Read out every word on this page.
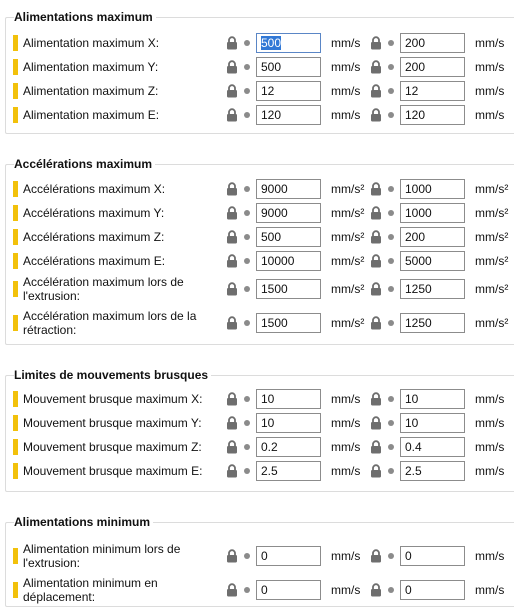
Alimentations maximum
Alimentation maximum X:	500	mm/s	200	mm/s
Alimentation maximum Y:	500	mm/s	200	mm/s
Alimentation maximum Z:	12	mm/s	12	mm/s
Alimentation maximum E:	120	mm/s	120	mm/s
Accélérations maximum
Accélérations maximum X:	9000	mm/s²	1000	mm/s²
Accélérations maximum Y:	9000	mm/s²	1000	mm/s²
Accélérations maximum Z:	500	mm/s²	200	mm/s²
Accélérations maximum E:	10000	mm/s²	5000	mm/s²
Accélération maximum lors de l'extrusion:	1500	mm/s²	1250	mm/s²
Accélération maximum lors de la rétraction:	1500	mm/s²	1250	mm/s²
Limites de mouvements brusques
Mouvement brusque maximum X:	10	mm/s	10	mm/s
Mouvement brusque maximum Y:	10	mm/s	10	mm/s
Mouvement brusque maximum Z:	0.2	mm/s	0.4	mm/s
Mouvement brusque maximum E:	2.5	mm/s	2.5	mm/s
Alimentations minimum
Alimentation minimum lors de l'extrusion:	0	mm/s	0	mm/s
Alimentation minimum en déplacement:	0	mm/s	0	mm/s
